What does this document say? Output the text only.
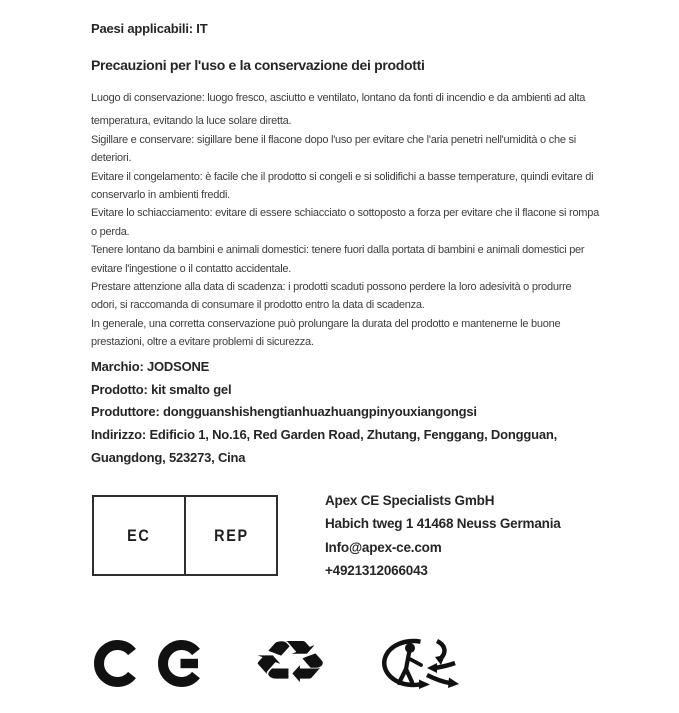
Paesi applicabili: IT
Precauzioni per l'uso e la conservazione dei prodotti
Luogo di conservazione: luogo fresco, asciutto e ventilato, lontano da fonti di incendio e da ambienti ad alta
temperatura, evitando la luce solare diretta.
Sigillare e conservare: sigillare bene il flacone dopo l'uso per evitare che l'aria penetri nell'umidità o che si
deteriori.
Evitare il congelamento: è facile che il prodotto si congeli e si solidifichi a basse temperature, quindi evitare di
conservarlo in ambienti freddi.
Evitare lo schiacciamento: evitare di essere schiacciato o sottoposto a forza per evitare che il flacone si rompa
o perda.
Tenere lontano da bambini e animali domestici: tenere fuori dalla portata di bambini e animali domestici per
evitare l'ingestione o il contatto accidentale.
Prestare attenzione alla data di scadenza: i prodotti scaduti possono perdere la loro adesività o produrre
odori, si raccomanda di consumare il prodotto entro la data di scadenza.
In generale, una corretta conservazione può prolungare la durata del prodotto e mantenerne le buone
prestazioni, oltre a evitare problemi di sicurezza.
Marchio: JODSONE
Prodotto: kit smalto gel
Produttore: dongguanshishengtianhuazhuangpinyouxiangongsi
Indirizzo: Edificio 1, No.16, Red Garden Road, Zhutang, Fenggang, Dongguan,
Guangdong, 523273, Cina
EC	REP
Apex CE Specialists GmbH
Habich tweg 1 41468 Neuss Germania
Info@apex-ce.com
+4921312066043
♻
